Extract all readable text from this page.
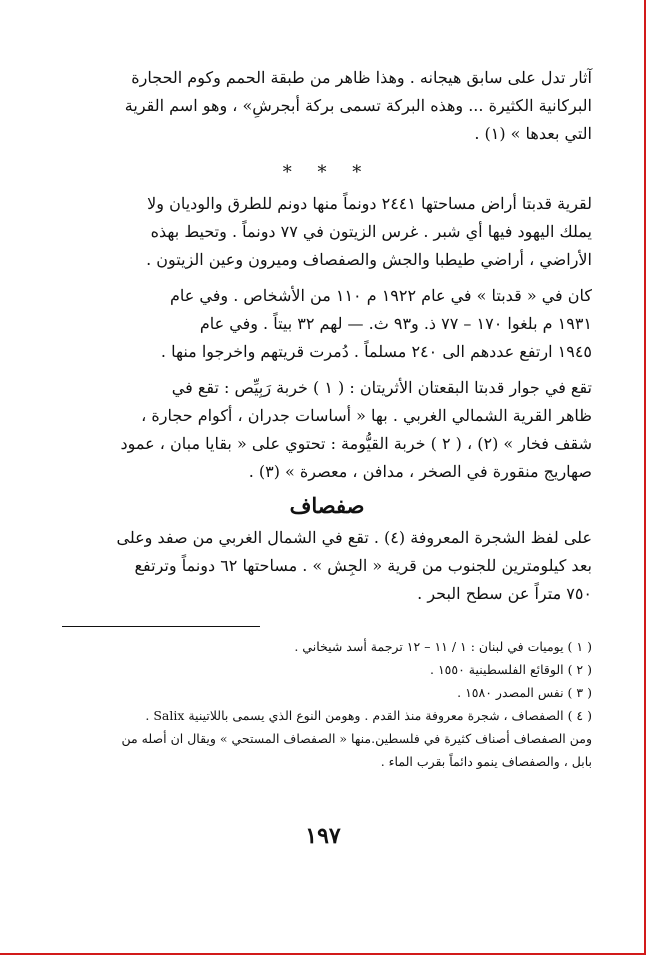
آثار تدل على سابق هيجانه . وهذا ظاهر من طبقة الحمم وكوم الحجارة
البركانية الكثيرة ... وهذه البركة تسمى بركة أبجرشِ» ، وهو اسم القرية
التي بعدها » (١) .

* * *

لقرية قدبتا أراض مساحتها ٢٤٤١ دونماً منها دونم للطرق والوديان ولا
يملك اليهود فيها أي شبر . غرس الزيتون في ٧٧ دونماً . وتحيط بهذه
الأراضي ، أراضي طيطبا والجش والصفصاف وميرون وعين الزيتون .

كان في « قدبتا » في عام ١٩٢٢ م ١١٠ من الأشخاص . وفي عام
١٩٣١ م بلغوا ١٧٠ – ٧٧ ذ. و٩٣ ث. — لهم ٣٢ بيتاً . وفي عام
١٩٤٥ ارتفع عددهم الى ٢٤٠ مسلماً . دُمرت قريتهم واخرجوا منها .

تقع في جوار قدبتا البقعتان الأثريتان : ( ١ ) خربة رَبِيِّص : تقع في
ظاهر القرية الشمالي الغربي . بها « أساسات جدران ، أكوام حجارة ،
شقف فخار » (٢) ، ( ٢ ) خربة القيُّومة : تحتوي على « بقايا مبان ، عمود
صهاريج منقورة في الصخر ، مدافن ، معصرة » (٣) .

صفصاف

على لفظ الشجرة المعروفة (٤) . تقع في الشمال الغربي من صفد وعلى
بعد كيلومترين للجنوب من قرية « الجِش » . مساحتها ٦٢ دونماً وترتفع
٧٥٠ متراً عن سطح البحر .

( ١ ) يوميات في لبنان : ١ / ١١ – ١٢ ترجمة أسد شيخاني .
( ٢ ) الوقائع الفلسطينية ١٥٥٠ .
( ٣ ) نفس المصدر ١٥٨٠ .
( ٤ ) الصفصاف ، شجرة معروفة منذ القدم . وهومن النوع الذي يسمى باللاتينية Salix .
ومن الصفصاف أصناف كثيرة في فلسطين.منها « الصفصاف المستحي » ويقال ان أصله من
بابل ، والصفصاف ينمو دائماً بقرب الماء .

١٩٧
